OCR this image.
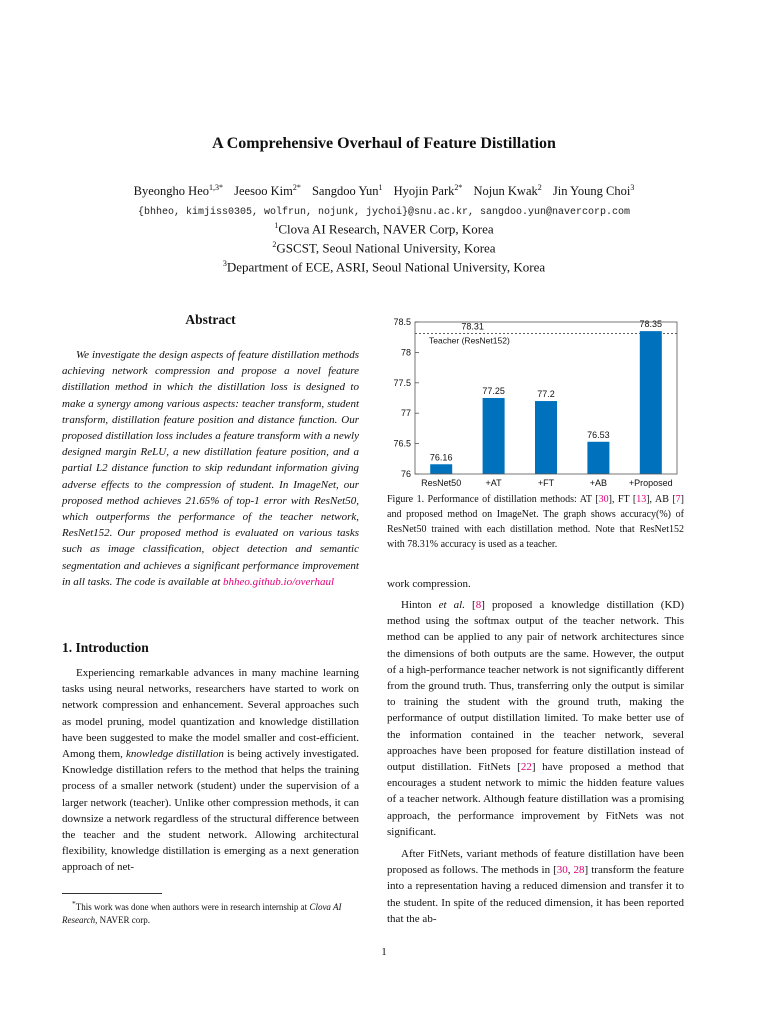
A Comprehensive Overhaul of Feature Distillation
Byeongho Heo$^{1,3*}$ Jeesoo Kim$^{2*}$ Sangdoo Yun$^1$ Hyojin Park$^{2*}$ Nojun Kwak$^2$ Jin Young Choi$^3$
{bhheo, kimjiss0305, wolfrun, nojunk, jychoi}@snu.ac.kr, sangdoo.yun@navercorp.com
$^1$Clova AI Research, NAVER Corp, Korea
$^2$GSCST, Seoul National University, Korea
$^3$Department of ECE, ASRI, Seoul National University, Korea
Abstract

We investigate the design aspects of feature distillation methods achieving network compression and propose a novel feature distillation method in which the distillation loss is designed to make a synergy among various aspects: teacher transform, student transform, distillation feature position and distance function. Our proposed distillation loss includes a feature transform with a newly designed margin ReLU, a new distillation feature position, and a partial L2 distance function to skip redundant information giving adverse effects to the compression of student. In ImageNet, our proposed method achieves 21.65% of top-1 error with ResNet50, which outperforms the performance of the teacher network, ResNet152. Our proposed method is evaluated on various tasks such as image classification, object detection and semantic segmentation and achieves a significant performance improvement in all tasks. The code is available at bhheo.github.io/overhaul

1. Introduction

Experiencing remarkable advances in many machine learning tasks using neural networks, researchers have started to work on network compression and enhancement. Several approaches such as model pruning, model quantization and knowledge distillation have been suggested to make the model smaller and cost-efficient. Among them, knowledge distillation is being actively investigated. Knowledge distillation refers to the method that helps the training process of a smaller network (student) under the supervision of a larger network (teacher). Unlike other compression methods, it can downsize a network regardless of the structural difference between the teacher and the student network. Allowing architectural flexibility, knowledge distillation is emerging as a next generation approach of net-

*This work was done when authors were in research internship at Clova AI Research, NAVER corp.

76
76.5
77
77.5
78
78.5	78.31
Teacher (ResNet152)
76.16
ResNet50
77.25
+AT
77.2
+FT
76.53
+AB
78.35
+Proposed

Figure 1. Performance of distillation methods: AT [30], FT [13], AB [7] and proposed method on ImageNet. The graph shows accuracy(%) of ResNet50 trained with each distillation method. Note that ResNet152 with 78.31% accuracy is used as a teacher.

work compression.

Hinton et al. [8] proposed a knowledge distillation (KD) method using the softmax output of the teacher network. This method can be applied to any pair of network architectures since the dimensions of both outputs are the same. However, the output of a high-performance teacher network is not significantly different from the ground truth. Thus, transferring only the output is similar to training the student with the ground truth, making the performance of output distillation limited. To make better use of the information contained in the teacher network, several approaches have been proposed for feature distillation instead of output distillation. FitNets [22] have proposed a method that encourages a student network to mimic the hidden feature values of a teacher network. Although feature distillation was a promising approach, the performance improvement by FitNets was not significant.

After FitNets, variant methods of feature distillation have been proposed as follows. The methods in [30, 28] transform the feature into a representation having a reduced dimension and transfer it to the student. In spite of the reduced dimension, it has been reported that the ab-

1
